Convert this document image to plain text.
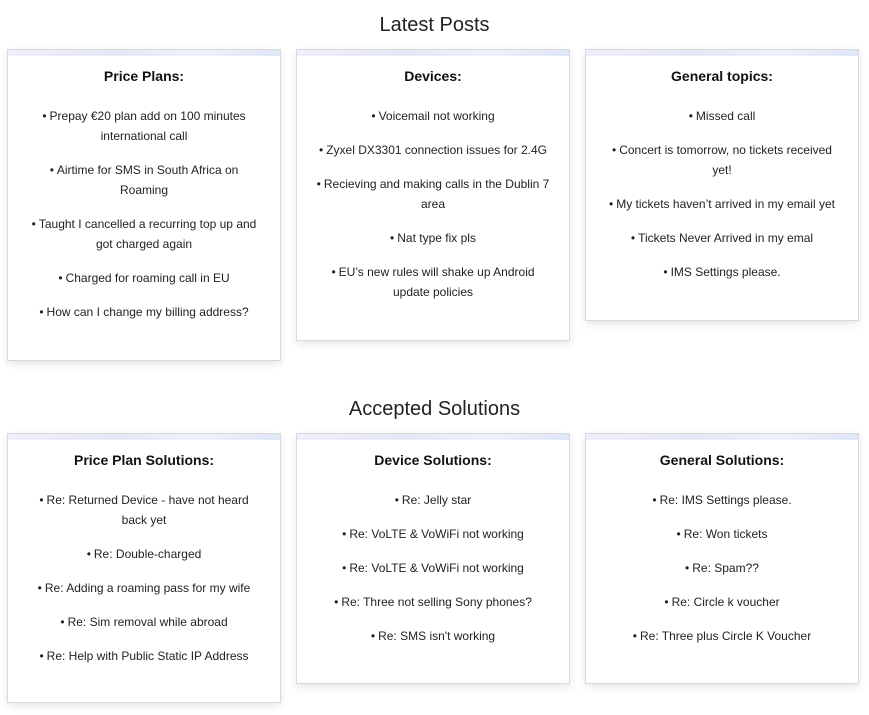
Latest Posts
Price Plans:
• Prepay €20 plan add on 100 minutes international call
• Airtime for SMS in South Africa on Roaming
• Taught I cancelled a recurring top up and got charged again
• Charged for roaming call in EU
• How can I change my billing address?
Devices:
• Voicemail not working
• Zyxel DX3301 connection issues for 2.4G
• Recieving and making calls in the Dublin 7 area
• Nat type fix pls
• EU’s new rules will shake up Android update policies
General topics:
• Missed call
• Concert is tomorrow, no tickets received yet!
• My tickets haven’t arrived in my email yet
• Tickets Never Arrived in my emal
• IMS Settings please.
Accepted Solutions
Price Plan Solutions:
• Re: Returned Device - have not heard back yet
• Re: Double-charged
• Re: Adding a roaming pass for my wife
• Re: Sim removal while abroad
• Re: Help with Public Static IP Address
Device Solutions:
• Re: Jelly star
• Re: VoLTE & VoWiFi not working
• Re: VoLTE & VoWiFi not working
• Re: Three not selling Sony phones?
• Re: SMS isn't working
General Solutions:
• Re: IMS Settings please.
• Re: Won tickets
• Re: Spam??
• Re: Circle k voucher
• Re: Three plus Circle K Voucher
